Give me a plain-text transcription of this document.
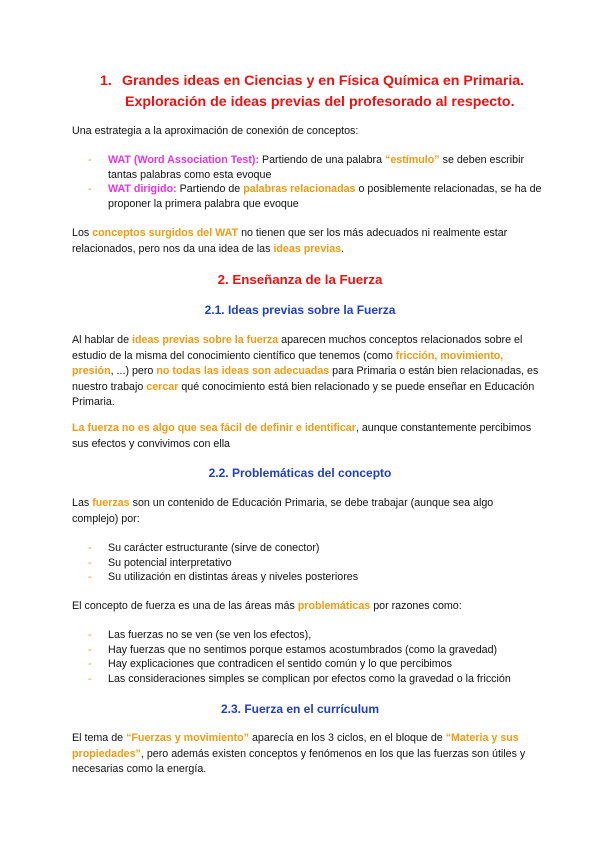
1. Grandes ideas en Ciencias y en Física Química en Primaria.
Exploración de ideas previas del profesorado al respecto.
Una estrategia a la aproximación de conexión de conceptos:
- WAT (Word Association Test): Partiendo de una palabra “estímulo” se deben escribir tantas palabras como esta evoque
- WAT dirigido: Partiendo de palabras relacionadas o posiblemente relacionadas, se ha de proponer la primera palabra que evoque
Los conceptos surgidos del WAT no tienen que ser los más adecuados ni realmente estar relacionados, pero nos da una idea de las ideas previas.
2. Enseñanza de la Fuerza
2.1. Ideas previas sobre la Fuerza
Al hablar de ideas previas sobre la fuerza aparecen muchos conceptos relacionados sobre el estudio de la misma del conocimiento científico que tenemos (como fricción, movimiento, presión, ...) pero no todas las ideas son adecuadas para Primaria o están bien relacionadas, es nuestro trabajo cercar qué conocimiento está bien relacionado y se puede enseñar en Educación Primaria.
La fuerza no es algo que sea fácil de definir e identificar, aunque constantemente percibimos sus efectos y convivimos con ella
2.2. Problemáticas del concepto
Las fuerzas son un contenido de Educación Primaria, se debe trabajar (aunque sea algo complejo) por:
- Su carácter estructurante (sirve de conector)
- Su potencial interpretativo
- Su utilización en distintas áreas y niveles posteriores
El concepto de fuerza es una de las áreas más problemáticas por razones como:
- Las fuerzas no se ven (se ven los efectos),
- Hay fuerzas que no sentimos porque estamos acostumbrados (como la gravedad)
- Hay explicaciones que contradicen el sentido común y lo que percibimos
- Las consideraciones simples se complican por efectos como la gravedad o la fricción
2.3. Fuerza en el currículum
El tema de “Fuerzas y movimiento” aparecía en los 3 ciclos, en el bloque de “Materia y sus propiedades”, pero además existen conceptos y fenómenos en los que las fuerzas son útiles y necesarias como la energía.
